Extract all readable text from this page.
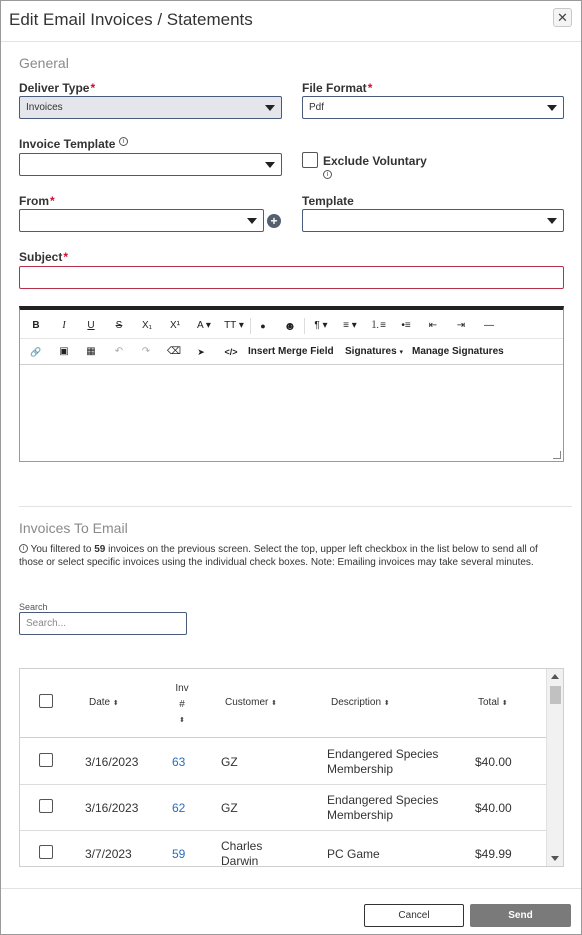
Edit Email Invoices / Statements	✕
General
Deliver Type*
Invoices
File Format*
Pdf
Invoice Template i
Exclude Voluntary
i
From*
+
Template
Subject*
B	I	U	S	X₁	X¹	A ▾	TT ▾	●	☻	¶ ▾	≡ ▾	⒈≡	•≡	⇤	⇥	—
🔗	▣	▦	↶	↷	⌫	➤	</>	Insert Merge Field Signatures ▾ Manage Signatures
Invoices To Email
i You filtered to 59 invoices on the previous screen. Select the top, upper left checkbox in the list below to send all of those or select specific invoices using the individual check boxes. Note: Emailing invoices may take several minutes.
Search
Search...
Date ⬍
Inv
#
⬍
Customer ⬍	Description ⬍	Total ⬍
3/16/2023	63	GZ
Endangered Species
Membership	$40.00
3/16/2023	62	GZ
Endangered Species
Membership	$40.00
3/7/2023	59
Charles
Darwin	PC Game	$49.99
Cancel	Send
